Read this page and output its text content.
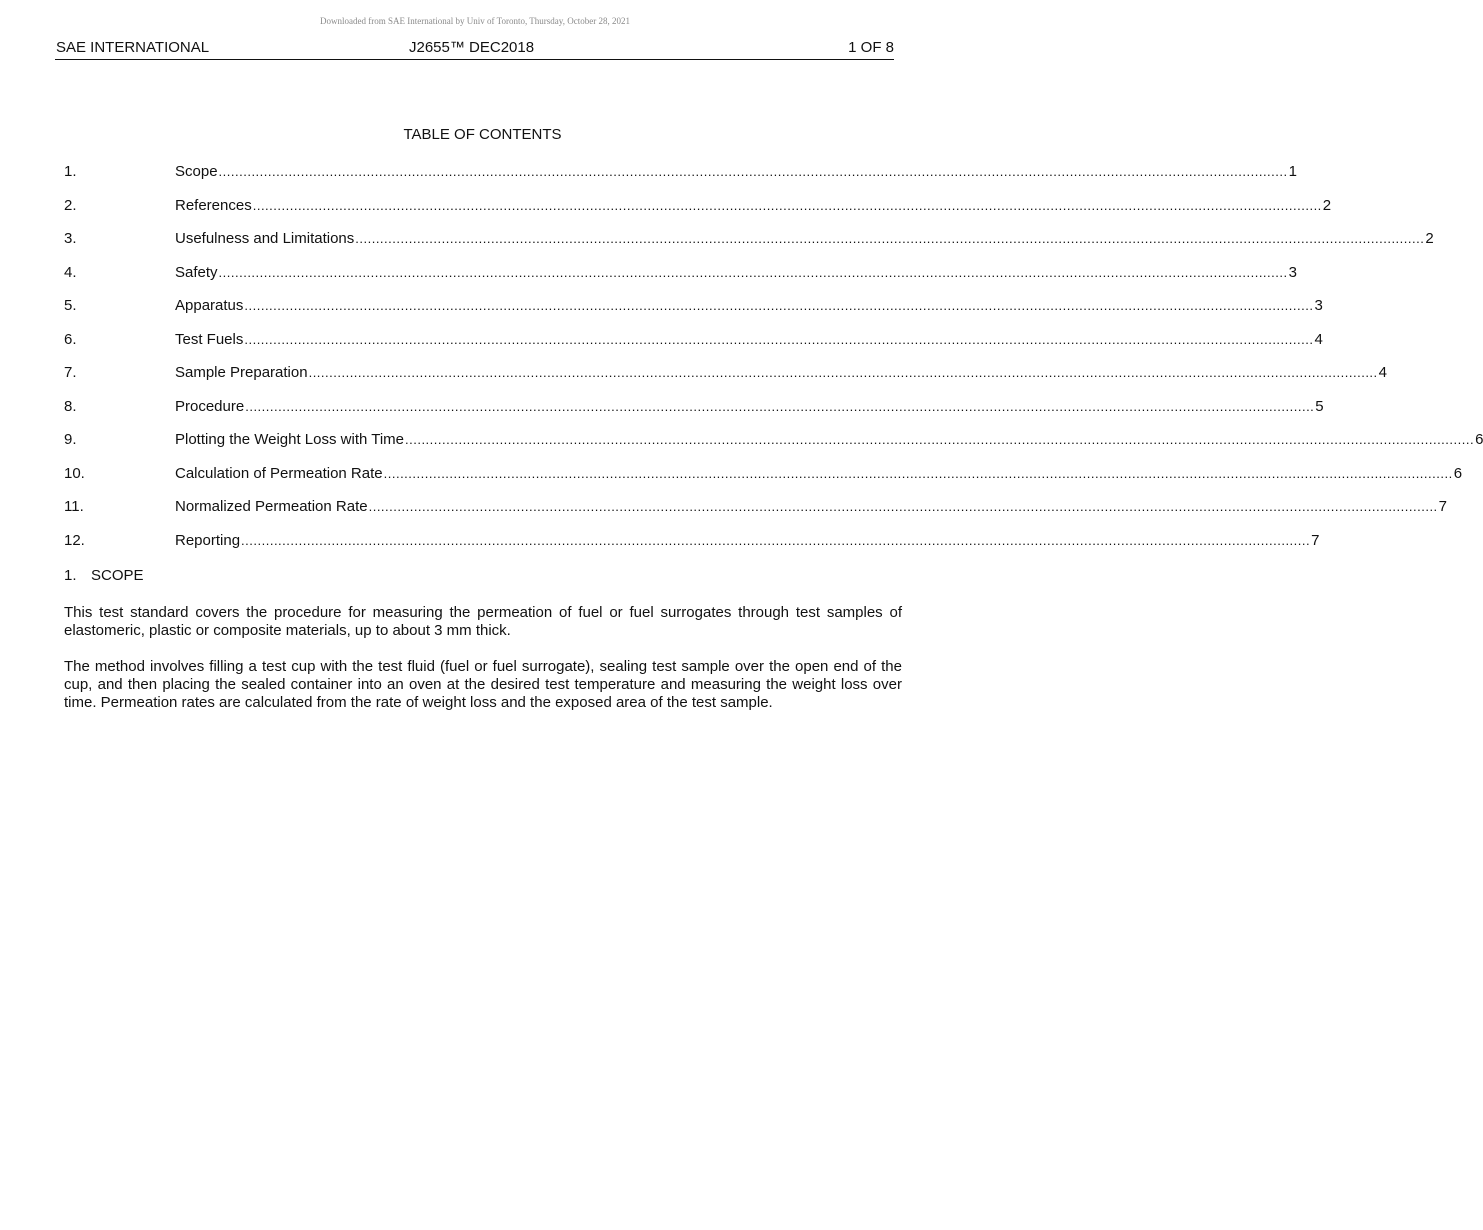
Downloaded from SAE International by Univ of Toronto, Thursday, October 28, 2021
SAE INTERNATIONAL	J2655™ DEC2018	1 OF 8
TABLE OF CONTENTS
1.	Scope .................................................................................................................................................................................................................................................................... 1
2.	References .................................................................................................................................................................................................................................................................... 2
3.	Usefulness and Limitations .................................................................................................................................................................................................................................................................... 2
4.	Safety .................................................................................................................................................................................................................................................................... 3
5.	Apparatus .................................................................................................................................................................................................................................................................... 3
6.	Test Fuels .................................................................................................................................................................................................................................................................... 4
7.	Sample Preparation .................................................................................................................................................................................................................................................................... 4
8.	Procedure .................................................................................................................................................................................................................................................................... 5
9.	Plotting the Weight Loss with Time .................................................................................................................................................................................................................................................................... 6
10.	Calculation of Permeation Rate .................................................................................................................................................................................................................................................................... 6
11.	Normalized Permeation Rate .................................................................................................................................................................................................................................................................... 7
12.	Reporting .................................................................................................................................................................................................................................................................... 7
1. SCOPE

This test standard covers the procedure for measuring the permeation of fuel or fuel surrogates through test samples of elastomeric, plastic or composite materials, up to about 3 mm thick.

The method involves filling a test cup with the test fluid (fuel or fuel surrogate), sealing test sample over the open end of the cup, and then placing the sealed container into an oven at the desired test temperature and measuring the weight loss over time. Permeation rates are calculated from the rate of weight loss and the exposed area of the test sample.
